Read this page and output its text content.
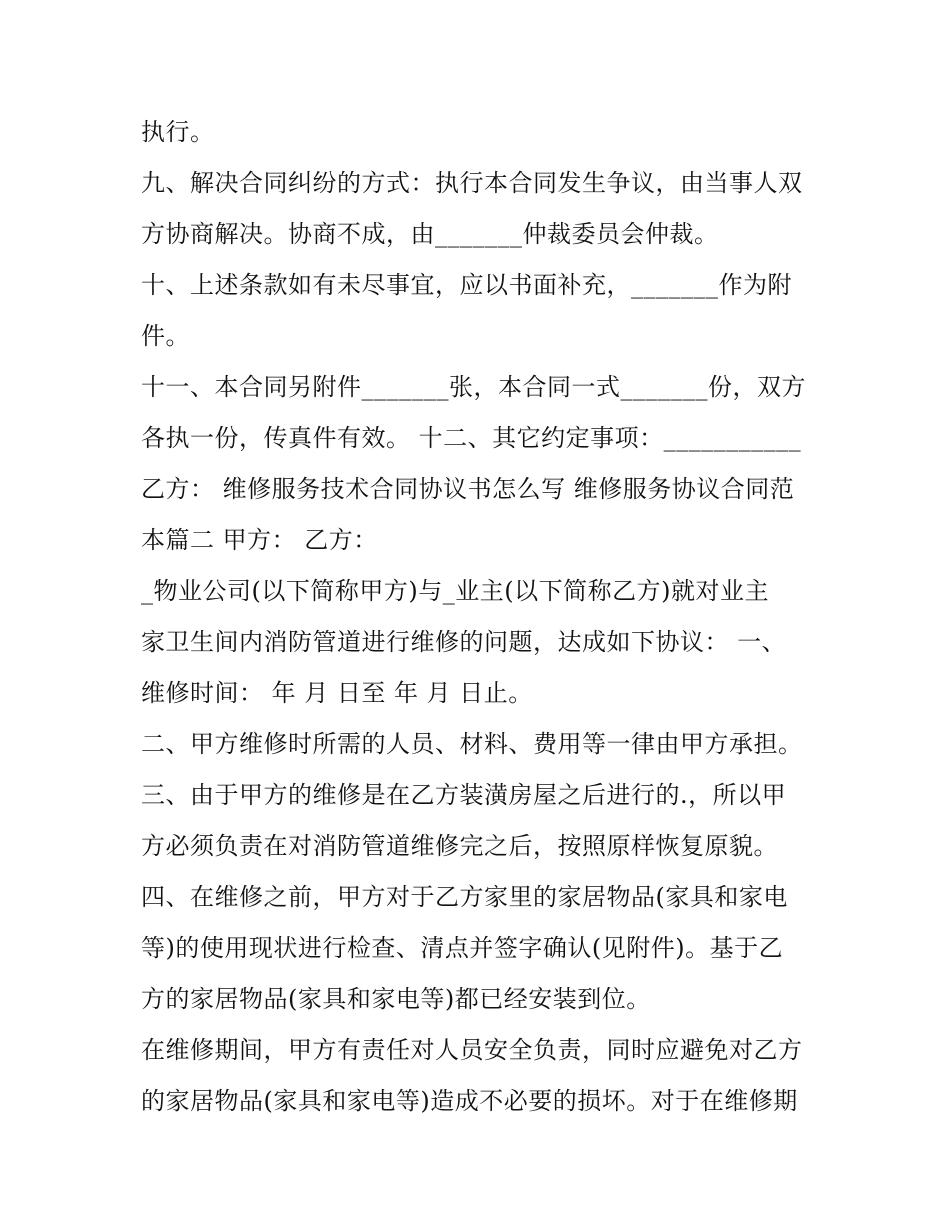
执行。
九、解决合同纠纷的方式：执行本合同发生争议，由当事人双
方协商解决。协商不成，由_______仲裁委员会仲裁。
十、上述条款如有未尽事宜，应以书面补充，_______作为附
件。
十一、本合同另附件_______张，本合同一式_______份，双方
各执一份，传真件有效。 十二、其它约定事项：___________
乙方： 维修服务技术合同协议书怎么写 维修服务协议合同范
本篇二 甲方： 乙方：
_物业公司(以下简称甲方)与_业主(以下简称乙方)就对业主
家卫生间内消防管道进行维修的问题，达成如下协议： 一、
维修时间： 年 月 日至 年 月 日止。
二、甲方维修时所需的人员、材料、费用等一律由甲方承担。
三、由于甲方的维修是在乙方装潢房屋之后进行的.，所以甲
方必须负责在对消防管道维修完之后，按照原样恢复原貌。
四、在维修之前，甲方对于乙方家里的家居物品(家具和家电
等)的使用现状进行检查、清点并签字确认(见附件)。基于乙
方的家居物品(家具和家电等)都已经安装到位。
在维修期间，甲方有责任对人员安全负责，同时应避免对乙方
的家居物品(家具和家电等)造成不必要的损坏。对于在维修期
